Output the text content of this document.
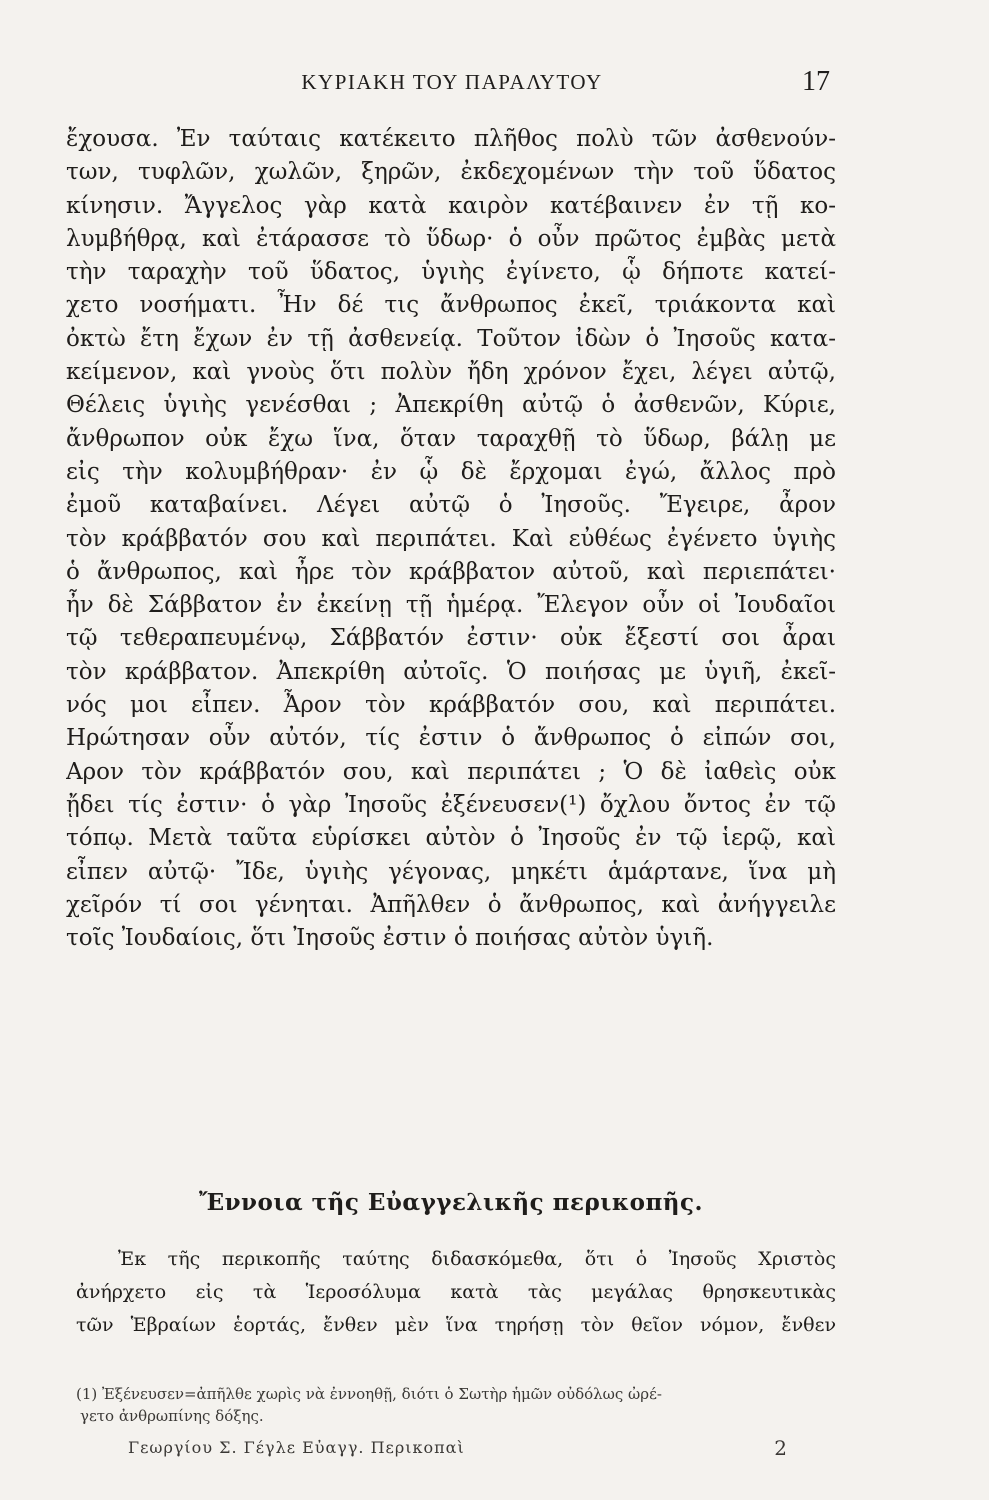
ΚΥΡΙΑΚΗ ΤΟΥ ΠΑΡΑΛΥΤΟΥ	17
ἔχουσα. Ἐν ταύταις κατέκειτο πλῆθος πολὺ τῶν ἀσθενούν-
των, τυφλῶν, χωλῶν, ξηρῶν, ἐκδεχομένων τὴν τοῦ ὕδατος
κίνησιν. Ἄγγελος γὰρ κατὰ καιρὸν κατέβαινεν ἐν τῇ κο-
λυμβήθρᾳ, καὶ ἐτάρασσε τὸ ὕδωρ· ὁ οὖν πρῶτος ἐμβὰς μετὰ
τὴν ταραχὴν τοῦ ὕδατος, ὑγιὴς ἐγίνετο, ᾧ δήποτε κατεί-
χετο νοσήματι. Ἦν δέ τις ἄνθρωπος ἐκεῖ, τριάκοντα καὶ
ὀκτὼ ἔτη ἔχων ἐν τῇ ἀσθενείᾳ. Τοῦτον ἰδὼν ὁ Ἰησοῦς κατα-
κείμενον, καὶ γνοὺς ὅτι πολὺν ἤδη χρόνον ἔχει, λέγει αὐτῷ,
Θέλεις ὑγιὴς γενέσθαι ; Ἀπεκρίθη αὐτῷ ὁ ἀσθενῶν, Κύριε,
ἄνθρωπον οὐκ ἔχω ἵνα, ὅταν ταραχθῇ τὸ ὕδωρ, βάλῃ με
εἰς τὴν κολυμβήθραν· ἐν ᾧ δὲ ἔρχομαι ἐγώ, ἄλλος πρὸ
ἐμοῦ καταβαίνει. Λέγει αὐτῷ ὁ Ἰησοῦς. Ἔγειρε, ἆρον
τὸν κράββατόν σου καὶ περιπάτει. Καὶ εὐθέως ἐγένετο ὑγιὴς
ὁ ἄνθρωπος, καὶ ἦρε τὸν κράββατον αὐτοῦ, καὶ περιεπάτει·
ἦν δὲ Σάββατον ἐν ἐκείνῃ τῇ ἡμέρᾳ. Ἔλεγον οὖν οἱ Ἰουδαῖοι
τῷ τεθεραπευμένῳ, Σάββατόν ἐστιν· οὐκ ἔξεστί σοι ἆραι
τὸν κράββατον. Ἀπεκρίθη αὐτοῖς. Ὁ ποιήσας με ὑγιῆ, ἐκεῖ-
νός μοι εἶπεν. Ἆρον τὸν κράββατόν σου, καὶ περιπάτει.
Ηρώτησαν οὖν αὐτόν, τίς ἐστιν ὁ ἄνθρωπος ὁ εἰπών σοι,
Αρον τὸν κράββατόν σου, καὶ περιπάτει ; Ὁ δὲ ἰαθεὶς οὐκ
ᾔδει τίς ἐστιν· ὁ γὰρ Ἰησοῦς ἐξένευσεν(¹) ὄχλου ὄντος ἐν τῷ
τόπῳ. Μετὰ ταῦτα εὑρίσκει αὐτὸν ὁ Ἰησοῦς ἐν τῷ ἱερῷ, καὶ
εἶπεν αὐτῷ· Ἴδε, ὑγιὴς γέγονας, μηκέτι ἁμάρτανε, ἵνα μὴ
χεῖρόν τί σοι γένηται. Ἀπῆλθεν ὁ ἄνθρωπος, καὶ ἀνήγγειλε
τοῖς Ἰουδαίοις, ὅτι Ἰησοῦς ἐστιν ὁ ποιήσας αὐτὸν ὑγιῆ.
Ἔννοια τῆς Εὐαγγελικῆς περικοπῆς.
Ἐκ τῆς περικοπῆς ταύτης διδασκόμεθα, ὅτι ὁ Ἰησοῦς Χριστὸς
ἀνήρχετο εἰς τὰ Ἱεροσόλυμα κατὰ τὰς μεγάλας θρησκευτικὰς
τῶν Ἑβραίων ἑορτάς, ἔνθεν μὲν ἵνα τηρήσῃ τὸν θεῖον νόμον, ἔνθεν
(1) Ἐξένευσεν=ἀπῆλθε χωρὶς νὰ ἐννοηθῇ, διότι ὁ Σωτὴρ ἡμῶν οὐδόλως ὠρέ-
γετο ἀνθρωπίνης δόξης.
Γεωργίου Σ. Γέγλε Εὐαγγ. Περικοπαὶ	2
